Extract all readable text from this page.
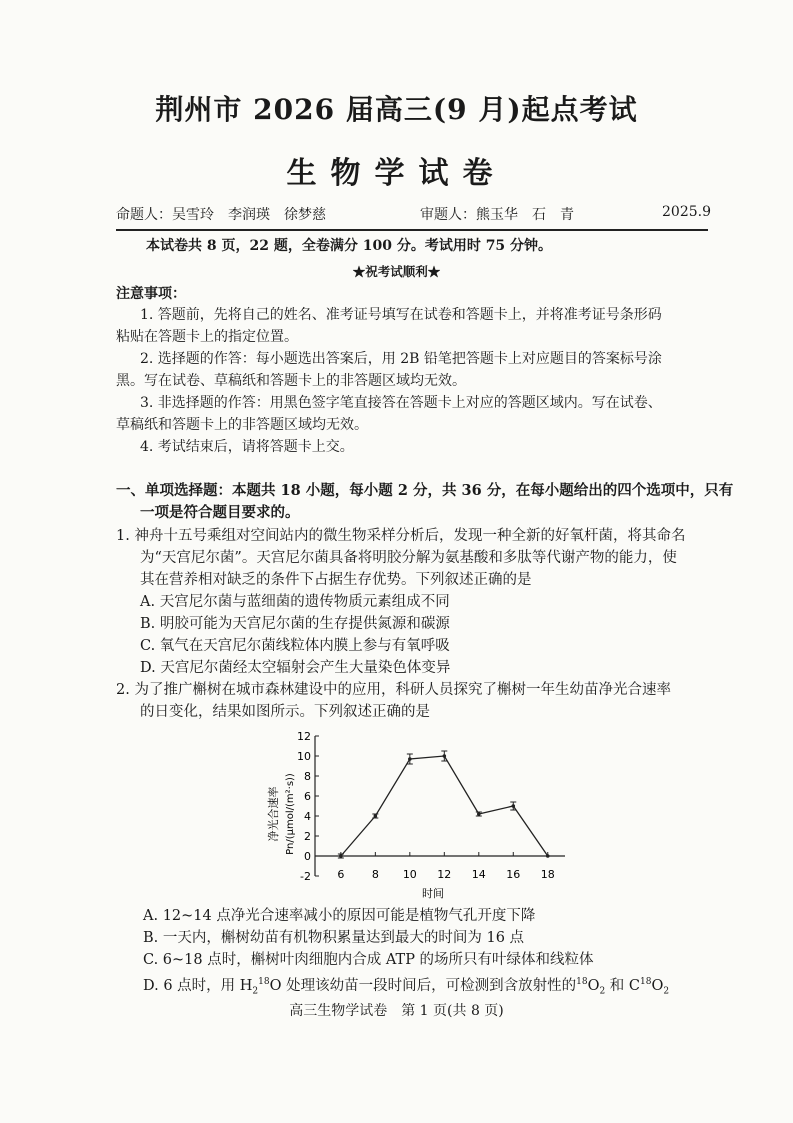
荆州市 2026 届高三(9 月)起点考试
生物学试卷
命题人：吴雪玲　李润瑛　徐梦慈	审题人：熊玉华　石　青	2025.9
本试卷共 8 页，22 题，全卷满分 100 分。考试用时 75 分钟。
★祝考试顺利★
注意事项：
1. 答题前，先将自己的姓名、准考证号填写在试卷和答题卡上，并将准考证号条形码
粘贴在答题卡上的指定位置。
2. 选择题的作答：每小题选出答案后，用 2B 铅笔把答题卡上对应题目的答案标号涂
黑。写在试卷、草稿纸和答题卡上的非答题区域均无效。
3. 非选择题的作答：用黑色签字笔直接答在答题卡上对应的答题区域内。写在试卷、
草稿纸和答题卡上的非答题区域均无效。
4. 考试结束后，请将答题卡上交。
一、单项选择题：本题共 18 小题，每小题 2 分，共 36 分，在每小题给出的四个选项中，只有
一项是符合题目要求的。
1. 神舟十五号乘组对空间站内的微生物采样分析后，发现一种全新的好氧杆菌，将其命名
为“天宫尼尔菌”。天宫尼尔菌具备将明胶分解为氨基酸和多肽等代谢产物的能力，使
其在营养相对缺乏的条件下占据生存优势。下列叙述正确的是
A. 天宫尼尔菌与蓝细菌的遗传物质元素组成不同
B. 明胶可能为天宫尼尔菌的生存提供氮源和碳源
C. 氧气在天宫尼尔菌线粒体内膜上参与有氧呼吸
D. 天宫尼尔菌经太空辐射会产生大量染色体变异
2. 为了推广槲树在城市森林建设中的应用，科研人员探究了槲树一年生幼苗净光合速率
的日变化，结果如图所示。下列叙述正确的是
净光合速率 Pn/(μmol/(m²·s))
-2
0
2
4
6
8
10
12
6 8 10 12 14 16 18
时间
A. 12~14 点净光合速率减小的原因可能是植物气孔开度下降
B. 一天内，槲树幼苗有机物积累量达到最大的时间为 16 点
C. 6~18 点时，槲树叶肉细胞内合成 ATP 的场所只有叶绿体和线粒体
D. 6 点时，用 $H_2^{18}O$ 处理该幼苗一段时间后，可检测到含放射性的$^{18}O_2$ 和 $C^{18}O_2$
高三生物学试卷　第 1 页(共 8 页)
